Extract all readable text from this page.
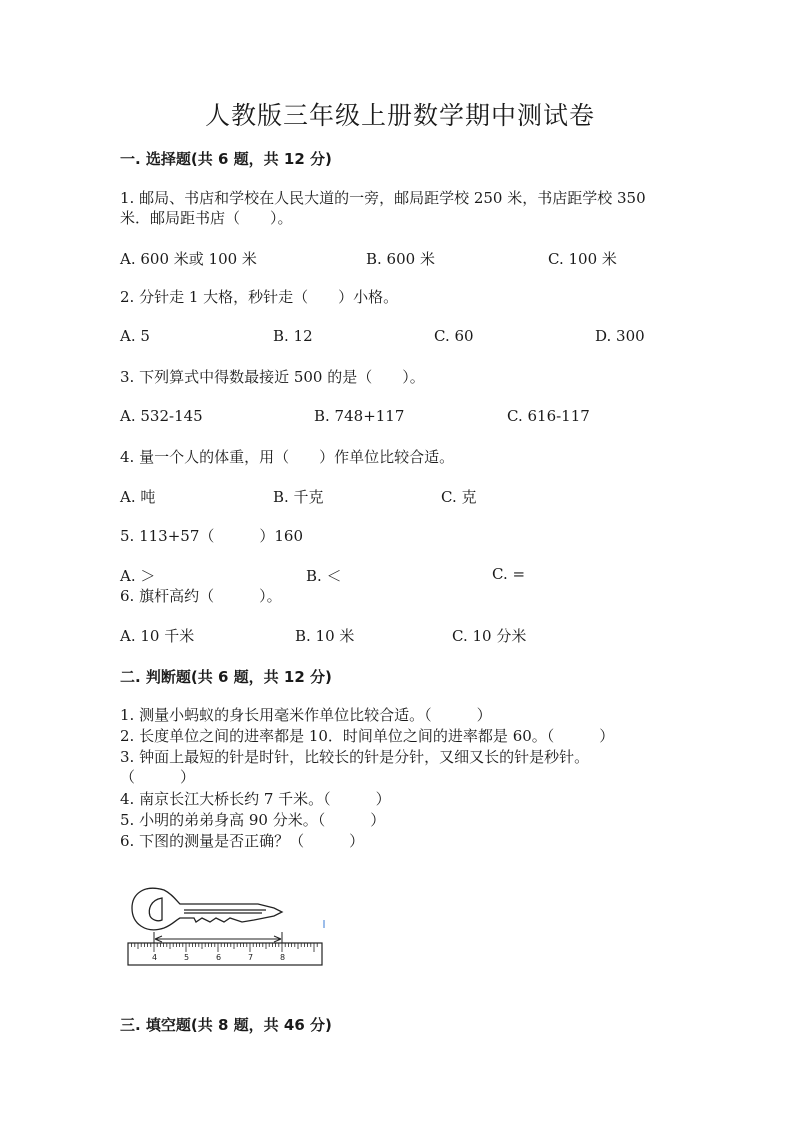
人教版三年级上册数学期中测试卷
一. 选择题(共 6 题，共 12 分)
1. 邮局、书店和学校在人民大道的一旁，邮局距学校 250 米，书店距学校 350
米．邮局距书店（　　）。
A. 600 米或 100 米	B. 600 米	C. 100 米
2. 分针走 1 大格，秒针走（　　）小格。
A. 5	B. 12	C. 60	D. 300
3. 下列算式中得数最接近 500 的是（　　）。
A. 532-145	B. 748+117	C. 616-117
4. 量一个人的体重，用（　　）作单位比较合适。
A. 吨	B. 千克	C. 克
5. 113+57（　　　）160
A. ＞	B. ＜	C. =
6. 旗杆高约（　　　）。
A. 10 千米	B. 10 米	C. 10 分米
二. 判断题(共 6 题，共 12 分)
1. 测量小蚂蚁的身长用毫米作单位比较合适。（　　　）
2. 长度单位之间的进率都是 10．时间单位之间的进率都是 60。（　　　）
3. 钟面上最短的针是时针，比较长的针是分针，又细又长的针是秒针。
（　　　）
4. 南京长江大桥长约 7 千米。（　　　）
5. 小明的弟弟身高 90 分米。（　　　）
6. 下图的测量是否正确？（　　　）
4	5	6	7	8
三. 填空题(共 8 题，共 46 分)
